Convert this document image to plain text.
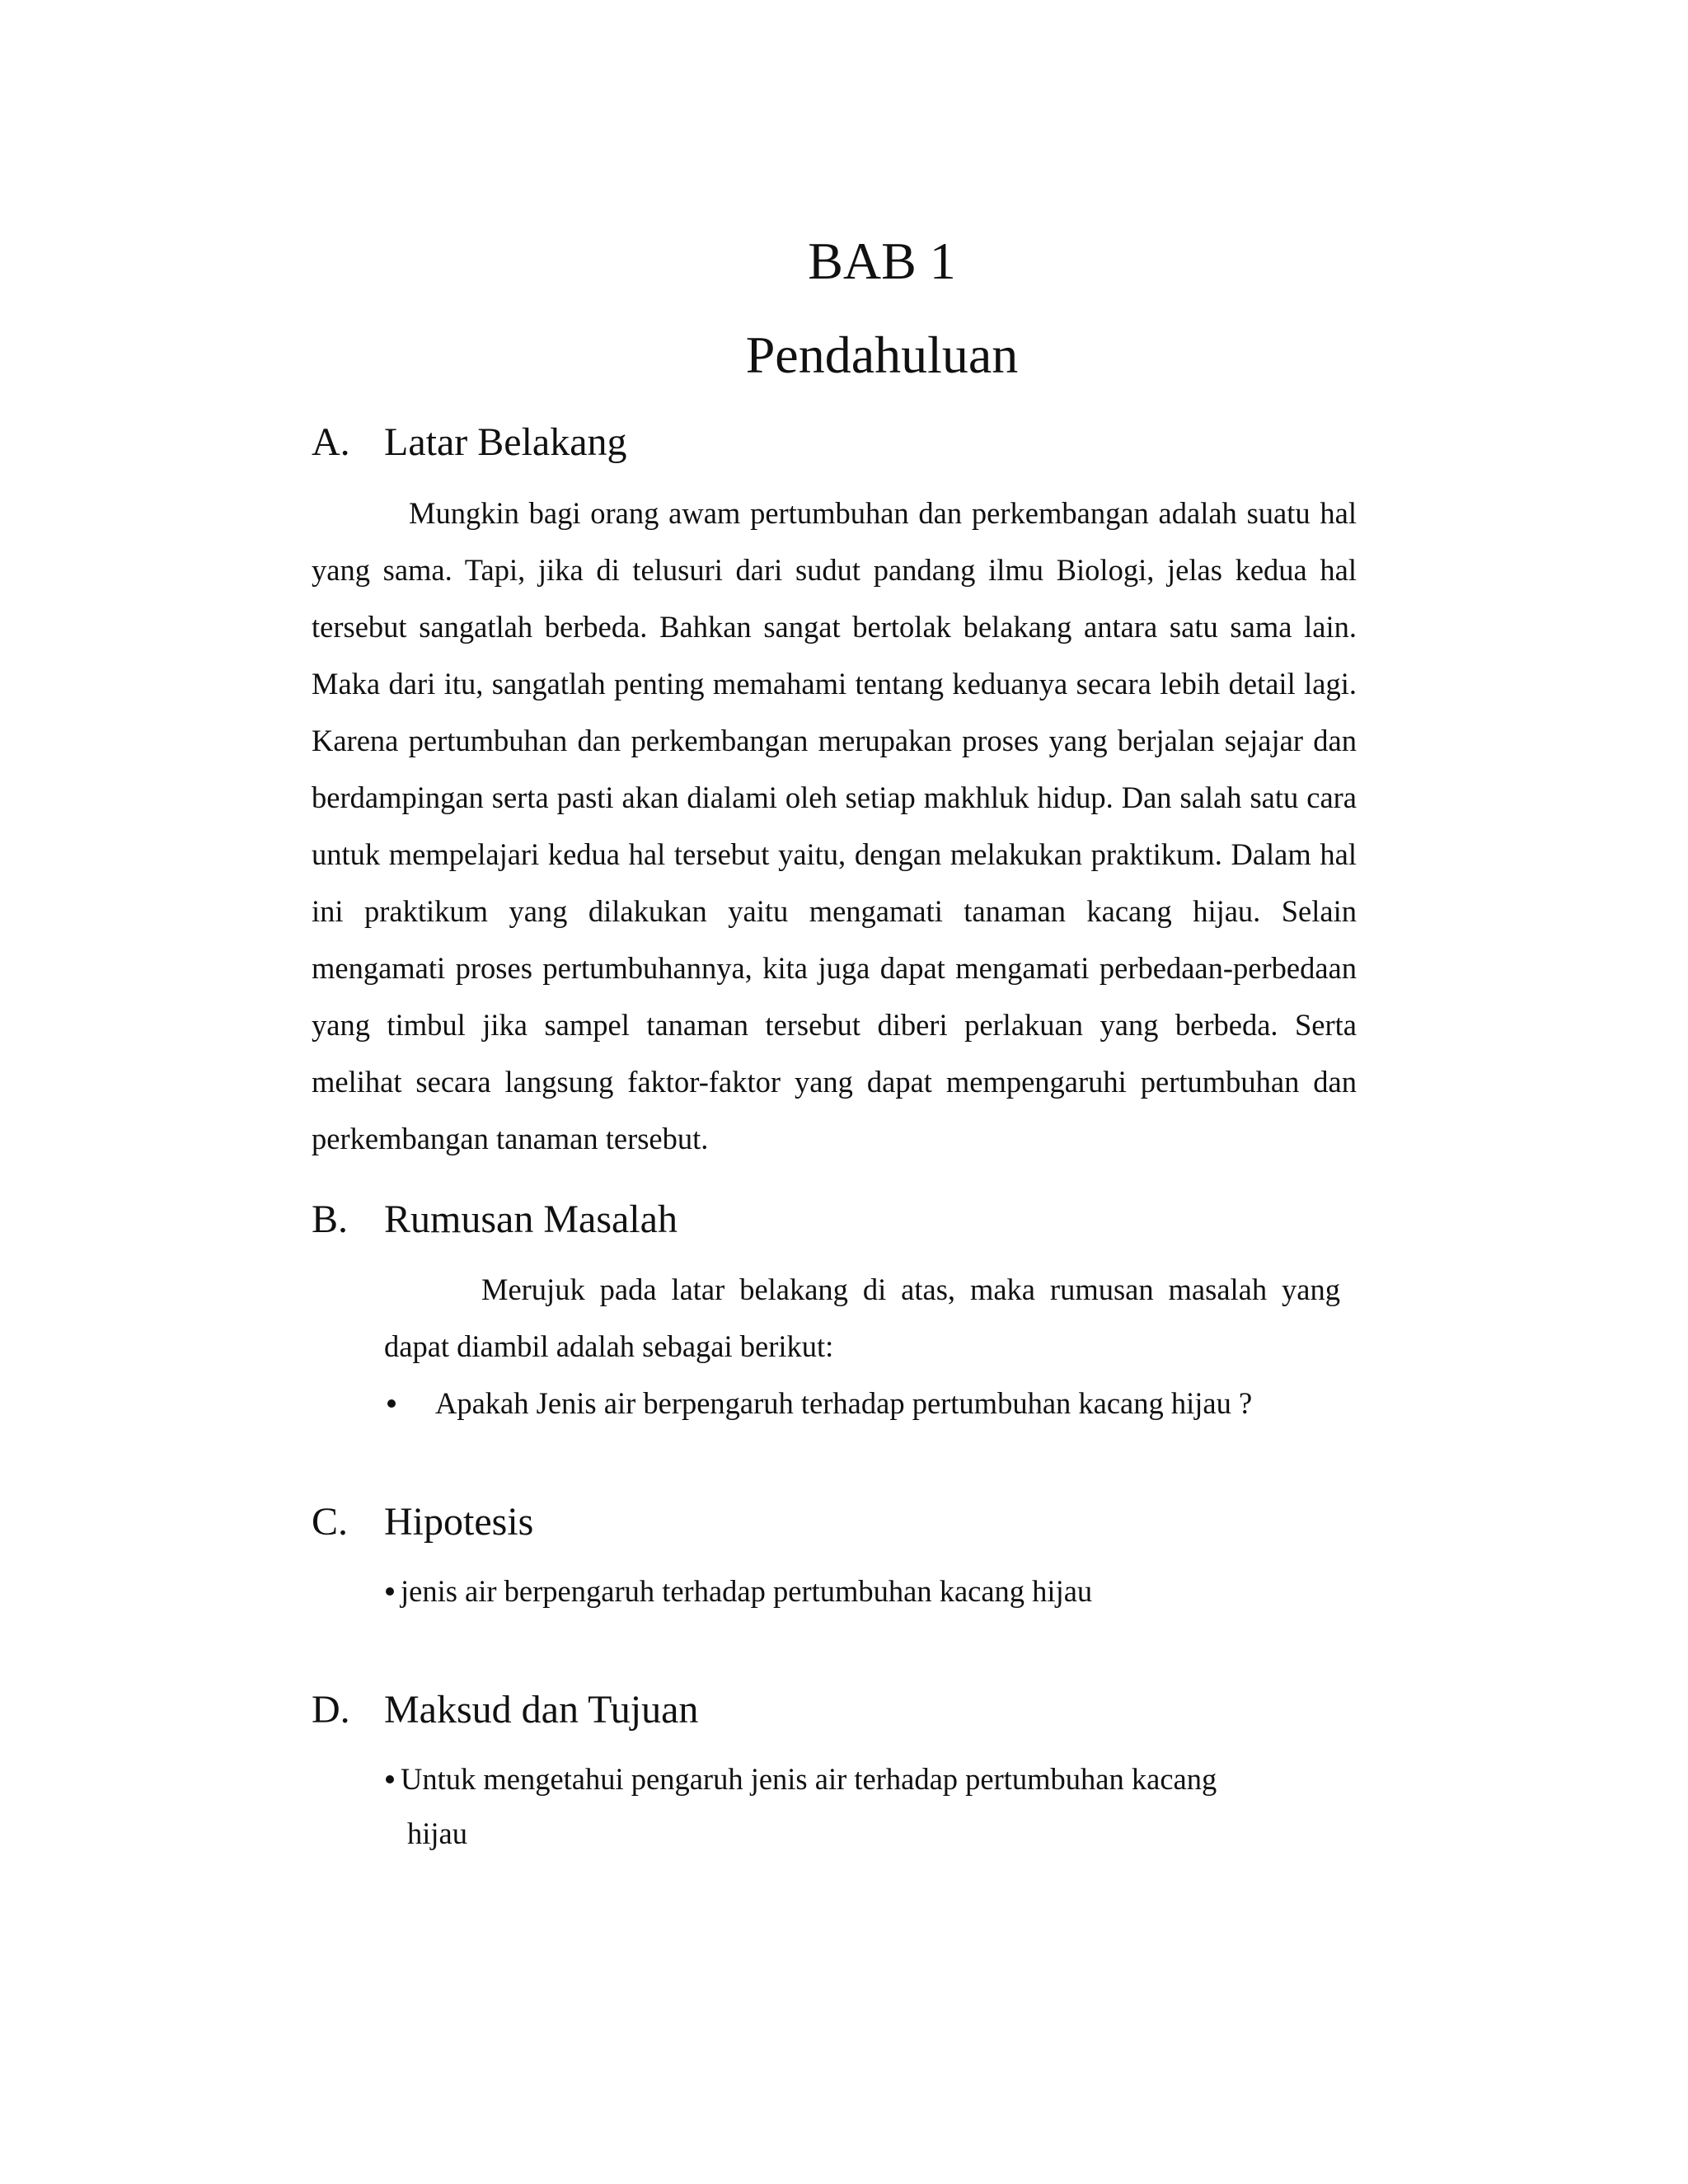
BAB 1
Pendahuluan
A. Latar Belakang
Mungkin bagi orang awam pertumbuhan dan perkembangan adalah suatu hal yang sama. Tapi, jika di telusuri dari sudut pandang ilmu Biologi, jelas kedua hal tersebut sangatlah berbeda. Bahkan sangat bertolak belakang antara satu sama lain. Maka dari itu, sangatlah penting memahami tentang keduanya secara lebih detail lagi. Karena pertumbuhan dan perkembangan merupakan proses yang berjalan sejajar dan berdampingan serta pasti akan dialami oleh setiap makhluk hidup. Dan salah satu cara untuk mempelajari kedua hal tersebut yaitu, dengan melakukan praktikum. Dalam hal ini praktikum yang dilakukan yaitu mengamati tanaman kacang hijau. Selain mengamati proses pertumbuhannya, kita juga dapat mengamati perbedaan-perbedaan yang timbul jika sampel tanaman tersebut diberi perlakuan yang berbeda. Serta melihat secara langsung faktor-faktor yang dapat mempengaruhi pertumbuhan dan perkembangan tanaman tersebut.
B. Rumusan Masalah
Merujuk pada latar belakang di atas, maka rumusan masalah yang dapat diambil adalah sebagai berikut:
Apakah Jenis air berpengaruh terhadap pertumbuhan kacang hijau ?
C. Hipotesis
jenis air berpengaruh terhadap pertumbuhan kacang hijau
D. Maksud dan Tujuan
Untuk mengetahui pengaruh jenis air terhadap pertumbuhan kacang
hijau
